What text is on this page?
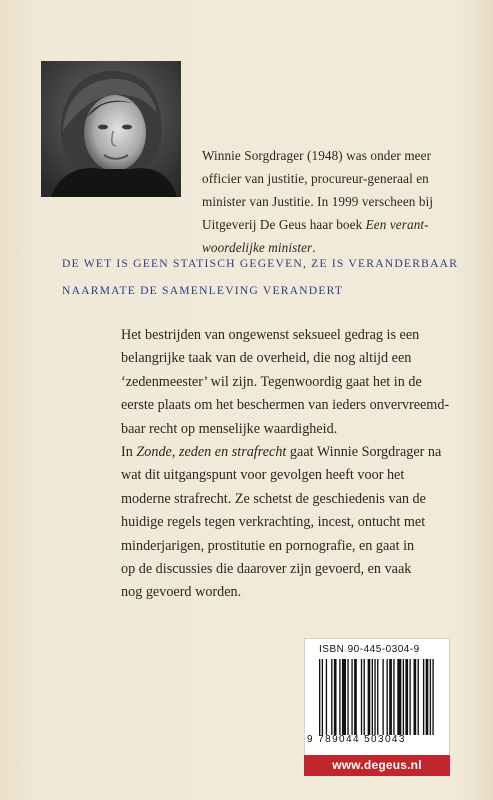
Winnie Sorgdrager (1948) was onder meer

officier van justitie, procureur-generaal en

minister van Justitie. In 1999 verscheen bij

Uitgeverij De Geus haar boek Een verant-

woordelijke minister.

DE WET IS GEEN STATISCH GEGEVEN, ZE IS VERANDERBAAR
NAARMATE DE SAMENLEVING VERANDERT
Het bestrijden van ongewenst seksueel gedrag is een
belangrijke taak van de overheid, die nog altijd een
‘zedenmeester’ wil zijn. Tegenwoordig gaat het in de
eerste plaats om het beschermen van ieders onvervreemd-
baar recht op menselijke waardigheid.
In Zonde, zeden en strafrecht gaat Winnie Sorgdrager na
wat dit uitgangspunt voor gevolgen heeft voor het
moderne strafrecht. Ze schetst de geschiedenis van de
huidige regels tegen verkrachting, incest, ontucht met
minderjarigen, prostitutie en pornografie, en gaat in
op de discussies die daarover zijn gevoerd, en vaak
nog gevoerd worden.
ISBN 90-445-0304-9
9 789044 503043
www.degeus.nl
